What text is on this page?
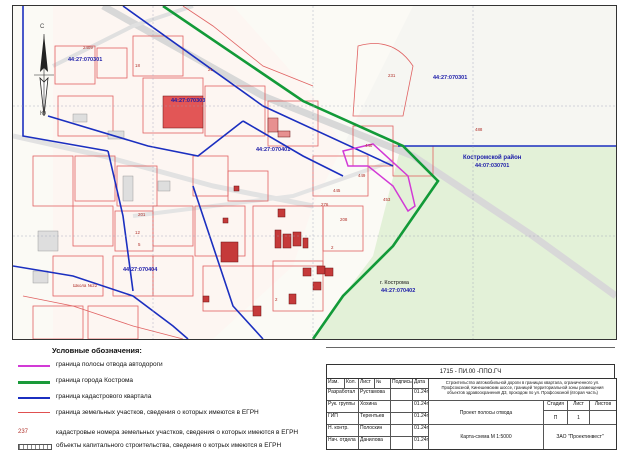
С
Ю
44:27:070301
44:27:070303
44:27:070301
44:27:070401
44:27:070404
44:27:070402
44:07:030701
Костромской район
г. Кострома
2409
18
21
231
488
440
449
445
276
453
208
2
2
201
12
5
Школа №22
Условные обозначения:
граница полосы отвода автодороги
граница города Кострома
граница кадастрового квартала
граница земельных участков, сведения о которых имеются в ЕГРН
237	кадастровые номера земельных участков, сведения о которых имеются в ЕГРН
объекты капитального строительства, сведения о котрых имеются в ЕГРН
1715 - ПИ.00 -ППО.ГЧ
Изм.	Кол. Лист	№	Подпись Дата
Разработал Рустамова	01.24г
Рук. группы	Хохина	01.24г
ГИП	Терентьев	01.24г
Н. контр.	Полоскин	01.24г
Нач. отдела Данилова	01.24г
Строительство автомобильной дороги в границах квартала, ограниченного ул. Профсоюзной, Кинешемским шоссе, границей территориальной зоны размещения объектов здравоохранения Д3, проходом по ул. Профсоюзной (вторая часть)
Проект полосы отвода
Стадия	Лист	Листов
П	1
Карта-схема М 1:5000	ЗАО "Проектинвест"
